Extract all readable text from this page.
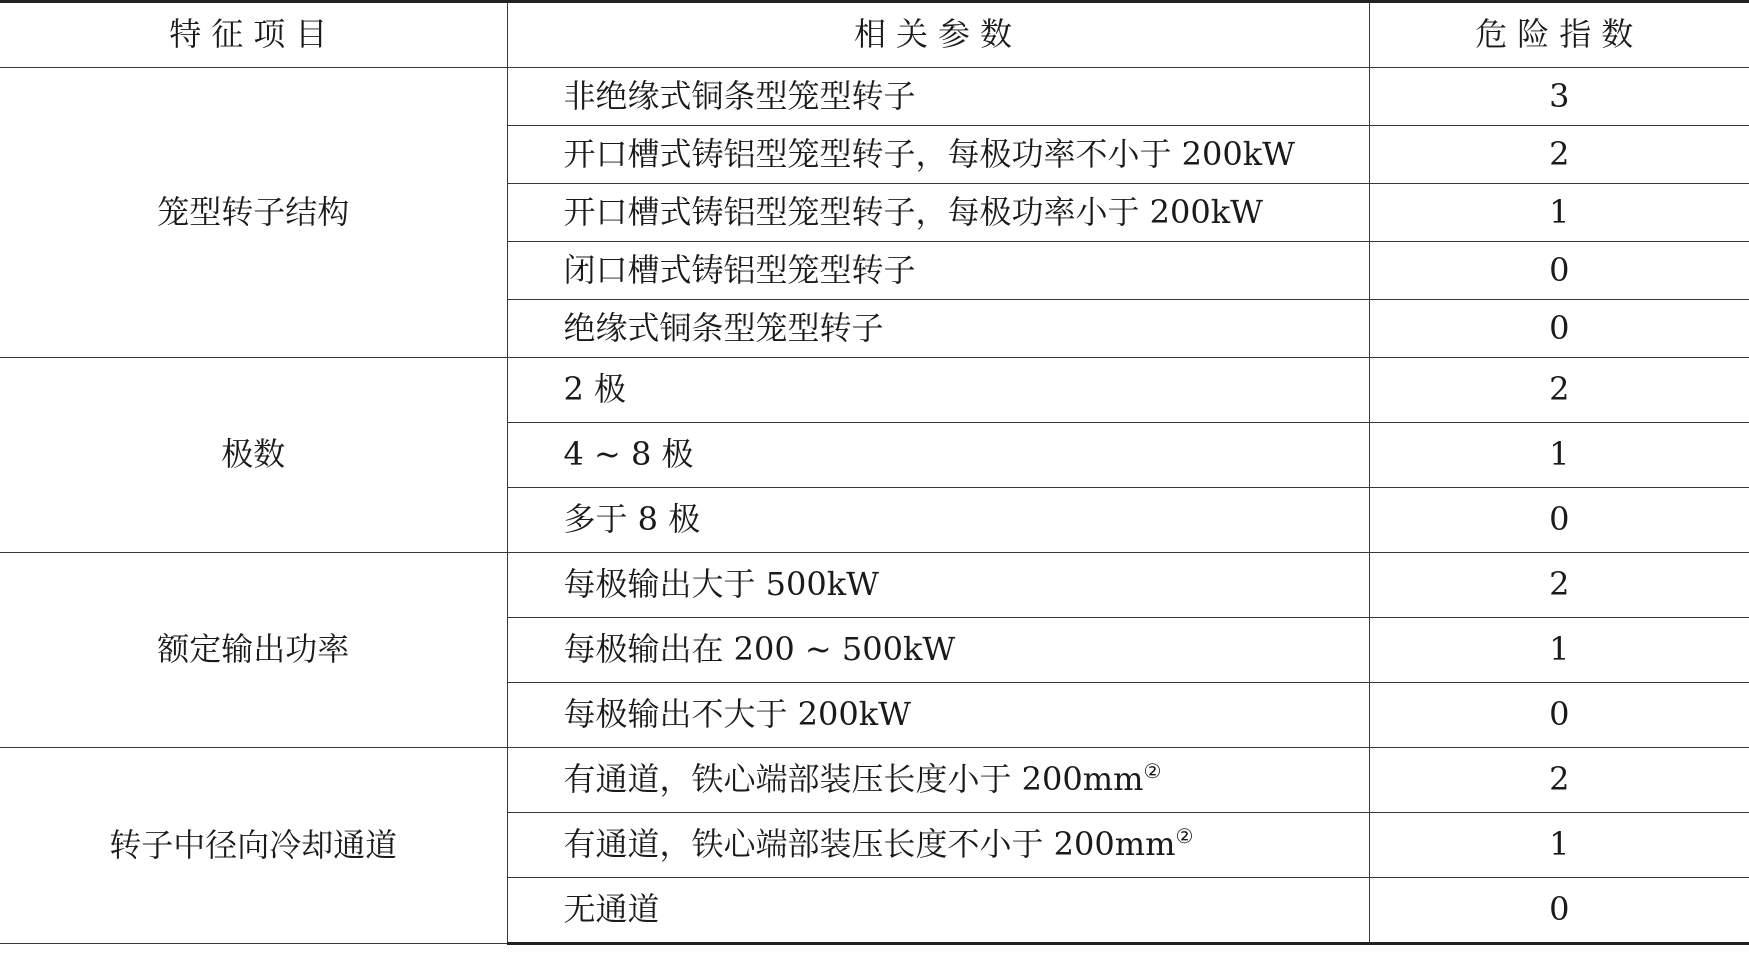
特征项目	相关参数	危险指数
笼型转子结构	非绝缘式铜条型笼型转子	3
	开口槽式铸铝型笼型转子，每极功率不小于 200kW	2
	开口槽式铸铝型笼型转子，每极功率小于 200kW	1
	闭口槽式铸铝型笼型转子	0
	绝缘式铜条型笼型转子	0
极数	2 极	2
	4 ~ 8 极	1
	多于 8 极	0
额定输出功率	每极输出大于 500kW	2
	每极输出在 200 ~ 500kW	1
	每极输出不大于 200kW	0
转子中径向冷却通道	有通道，铁心端部装压长度小于 200mm②	2
	有通道，铁心端部装压长度不小于 200mm②	1
	无通道	0
